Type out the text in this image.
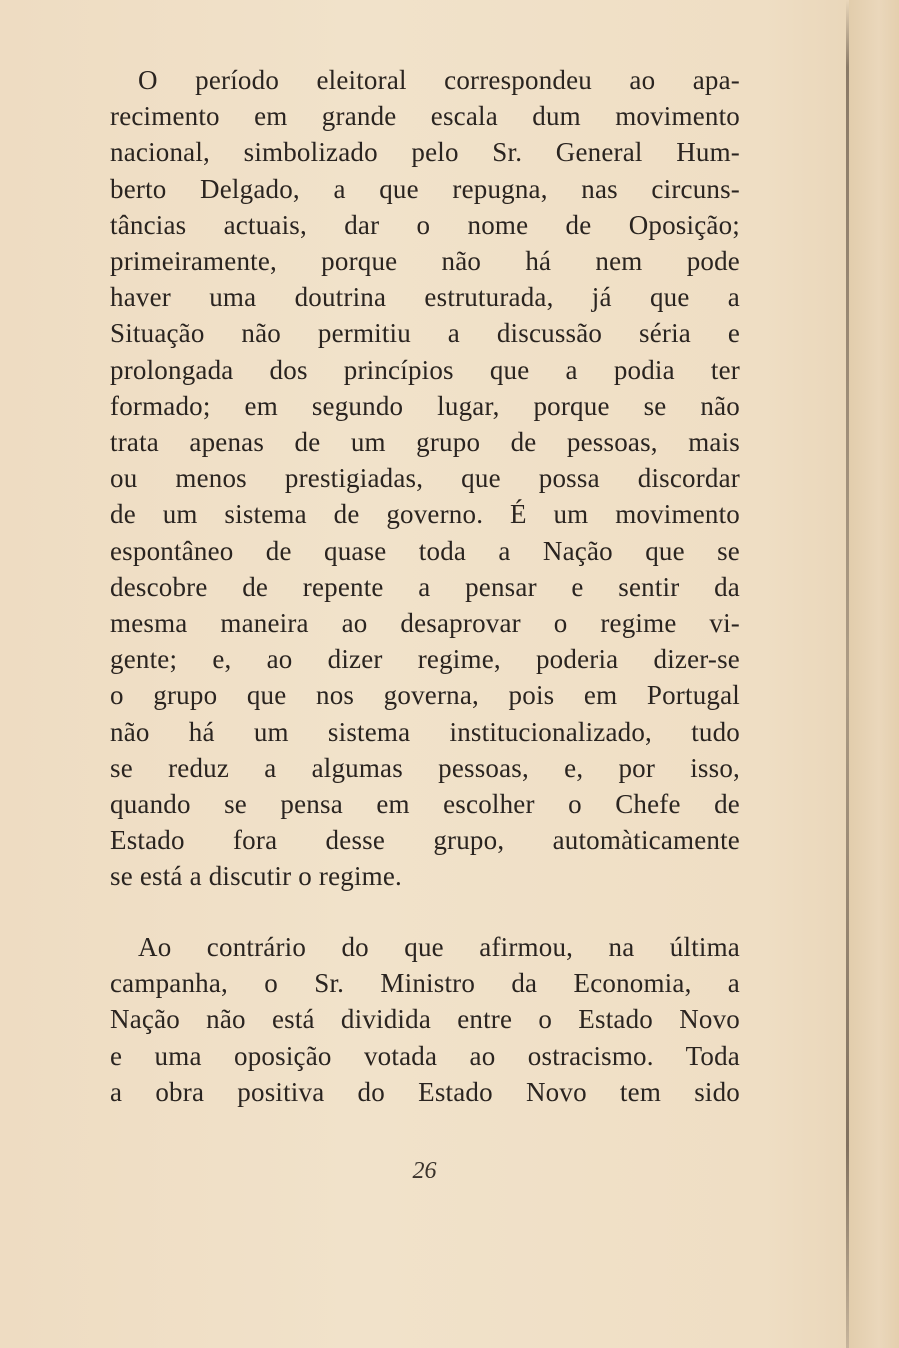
O período eleitoral correspondeu ao apa-
recimento em grande escala dum movimento
nacional, simbolizado pelo Sr. General Hum-
berto Delgado, a que repugna, nas circuns-
tâncias actuais, dar o nome de Oposição;
primeiramente, porque não há nem pode
haver uma doutrina estruturada, já que a
Situação não permitiu a discussão séria e
prolongada dos princípios que a podia ter
formado; em segundo lugar, porque se não
trata apenas de um grupo de pessoas, mais
ou menos prestigiadas, que possa discordar
de um sistema de governo. É um movimento
espontâneo de quase toda a Nação que se
descobre de repente a pensar e sentir da
mesma maneira ao desaprovar o regime vi-
gente; e, ao dizer regime, poderia dizer-se
o grupo que nos governa, pois em Portugal
não há um sistema institucionalizado, tudo
se reduz a algumas pessoas, e, por isso,
quando se pensa em escolher o Chefe de
Estado fora desse grupo, automàticamente
se está a discutir o regime.
Ao contrário do que afirmou, na última
campanha, o Sr. Ministro da Economia, a
Nação não está dividida entre o Estado Novo
e uma oposição votada ao ostracismo. Toda
a obra positiva do Estado Novo tem sido
26
